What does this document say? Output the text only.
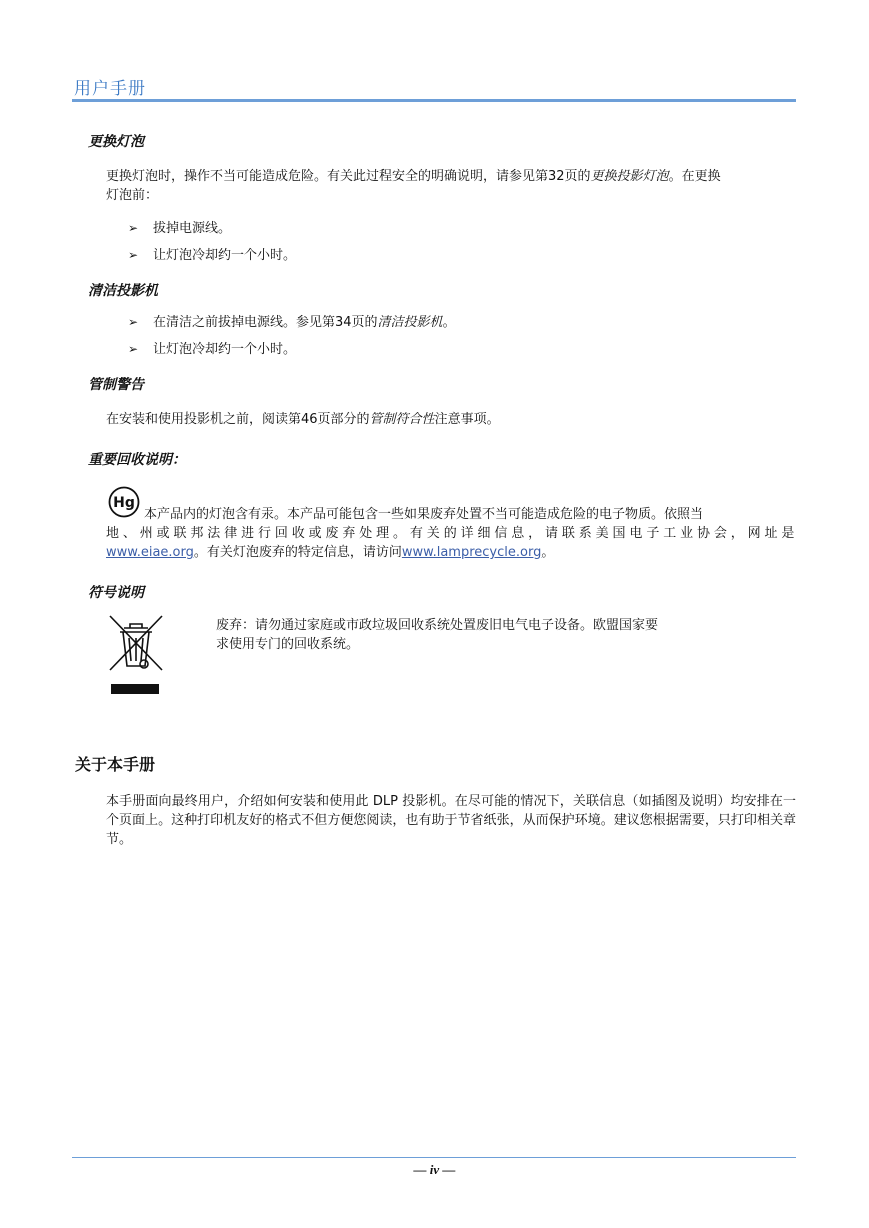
用户手册
更换灯泡
更换灯泡时，操作不当可能造成危险。有关此过程安全的明确说明，请参见第32页的更换投影灯泡。在更换
灯泡前：
➢ 拔掉电源线。
➢ 让灯泡冷却约一个小时。
清洁投影机
➢ 在清洁之前拔掉电源线。参见第34页的清洁投影机。
➢ 让灯泡冷却约一个小时。
管制警告
在安装和使用投影机之前，阅读第46页部分的管制符合性注意事项。
重要回收说明：
Hg
本产品内的灯泡含有汞。本产品可能包含一些如果废弃处置不当可能造成危险的电子物质。依照当
地、州或联邦法律进行回收或废弃处理。有关的详细信息，请联系美国电子工业协会，网址是
www.eiae.org。有关灯泡废弃的特定信息，请访问www.lamprecycle.org。
符号说明
废弃：请勿通过家庭或市政垃圾回收系统处置废旧电气电子设备。欧盟国家要
求使用专门的回收系统。
关于本手册
本手册面向最终用户，介绍如何安装和使用此 DLP 投影机。在尽可能的情况下，关联信息（如插图及说明）均安排在一个页面上。这种打印机友好的格式不但方便您阅读，也有助于节省纸张，从而保护环境。建议您根据需要，只打印相关章节。
— iv —
